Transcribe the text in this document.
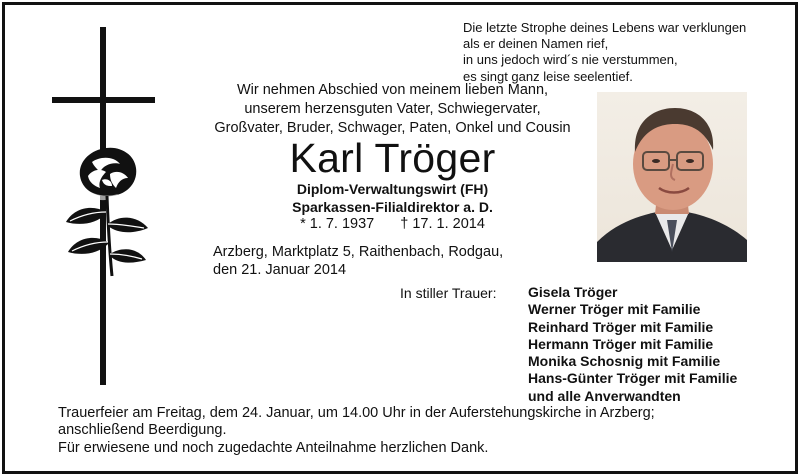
Die letzte Strophe deines Lebens war verklungen
als er deinen Namen rief,
in uns jedoch wird´s nie verstummen,
es singt ganz leise seelentief.
Wir nehmen Abschied von meinem lieben Mann,
unserem herzensguten Vater, Schwiegervater,
Großvater, Bruder, Schwager, Paten, Onkel und Cousin
Karl Tröger
Diplom-Verwaltungswirt (FH)
Sparkassen-Filialdirektor a. D.
* 1. 7. 1937 † 17. 1. 2014
Arzberg, Marktplatz 5, Raithenbach, Rodgau,
den 21. Januar 2014
In stiller Trauer: Gisela Tröger
Werner Tröger mit Familie
Reinhard Tröger mit Familie
Hermann Tröger mit Familie
Monika Schosnig mit Familie
Hans-Günter Tröger mit Familie
und alle Anverwandten
Trauerfeier am Freitag, dem 24. Januar, um 14.00 Uhr in der Auferstehungskirche in Arzberg;
anschließend Beerdigung.
Für erwiesene und noch zugedachte Anteilnahme herzlichen Dank.
